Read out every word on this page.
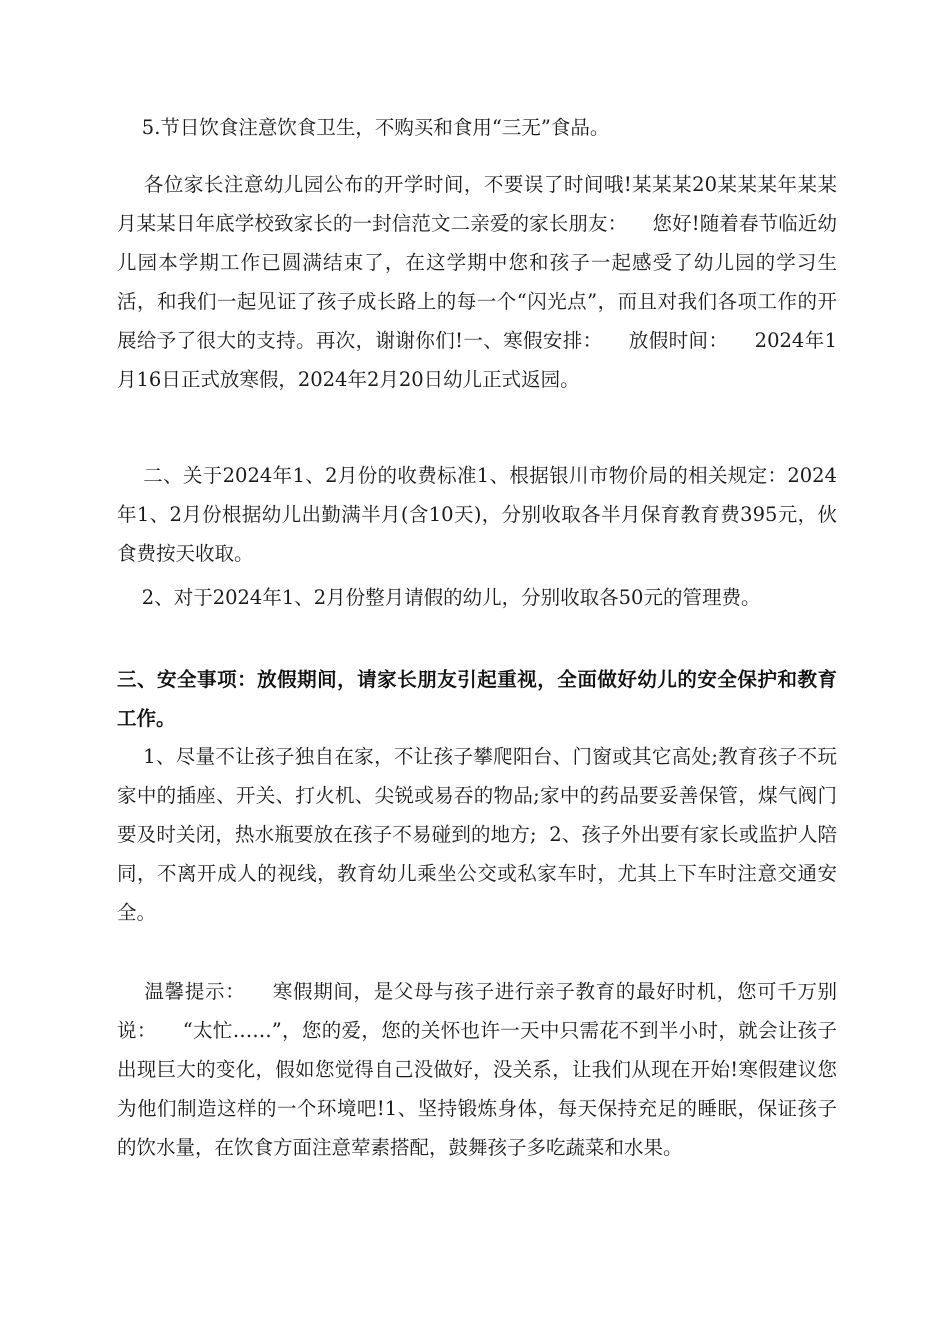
5.节日饮食注意饮食卫生，不购买和食用“三无”食品。

各位家长注意幼儿园公布的开学时间，不要误了时间哦!某某某20某某某年某某月某某日年底学校致家长的一封信范文二亲爱的家长朋友：    您好!随着春节临近幼儿园本学期工作已圆满结束了，在这学期中您和孩子一起感受了幼儿园的学习生活，和我们一起见证了孩子成长路上的每一个“闪光点”，而且对我们各项工作的开展给予了很大的支持。再次，谢谢你们!一、寒假安排：    放假时间：    2024年1月16日正式放寒假，2024年2月20日幼儿正式返园。

二、关于2024年1、2月份的收费标准1、根据银川市物价局的相关规定：2024年1、2月份根据幼儿出勤满半月(含10天)，分别收取各半月保育教育费395元，伙食费按天收取。

2、对于2024年1、2月份整月请假的幼儿，分别收取各50元的管理费。

三、安全事项：放假期间，请家长朋友引起重视，全面做好幼儿的安全保护和教育工作。

1、尽量不让孩子独自在家，不让孩子攀爬阳台、门窗或其它高处;教育孩子不玩家中的插座、开关、打火机、尖锐或易吞的物品;家中的药品要妥善保管，煤气阀门要及时关闭，热水瓶要放在孩子不易碰到的地方;  2、孩子外出要有家长或监护人陪同，不离开成人的视线，教育幼儿乘坐公交或私家车时，尤其上下车时注意交通安全。

温馨提示：    寒假期间，是父母与孩子进行亲子教育的最好时机，您可千万别说：    “太忙……”，您的爱，您的关怀也许一天中只需花不到半小时，就会让孩子出现巨大的变化，假如您觉得自己没做好，没关系，让我们从现在开始!寒假建议您为他们制造这样的一个环境吧!1、坚持锻炼身体，每天保持充足的睡眠，保证孩子的饮水量，在饮食方面注意荤素搭配，鼓舞孩子多吃蔬菜和水果。
